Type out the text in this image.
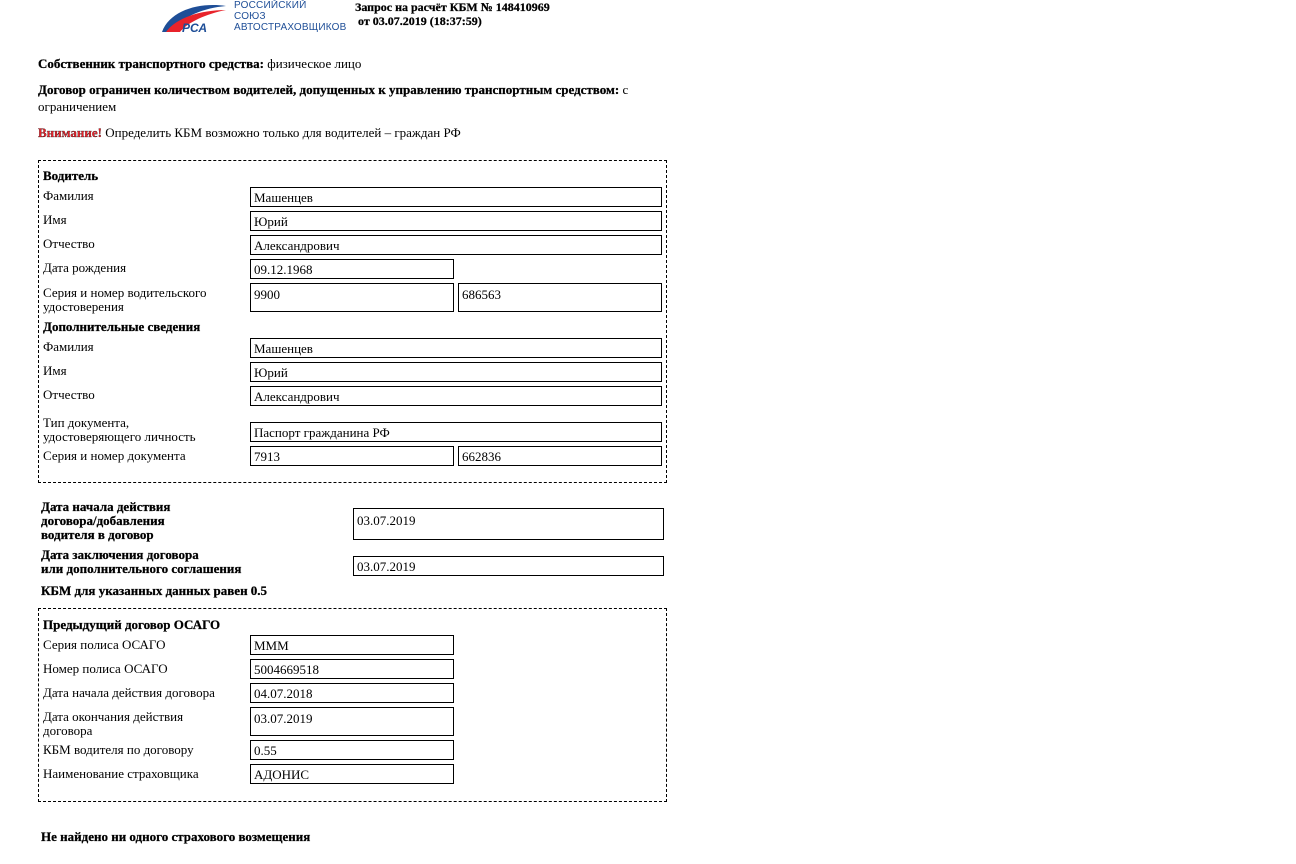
РСА
РОССИЙСКИЙ
СОЮЗ
АВТОСТРАХОВЩИКОВ
Запрос на расчёт КБМ № 148410969
от 03.07.2019 (18:37:59)
Собственник транспортного средства: физическое лицо
Договор ограничен количеством водителей, допущенных к управлению транспортным средством: с
ограничением
Внимание! Определить КБМ возможно только для водителей – граждан РФ
Водитель
Фамилия	Машенцев
Имя	Юрий
Отчество	Александрович
Дата рождения	09.12.1968
Серия и номер водительского
удостоверения
9900	686563
Дополнительные сведения
Фамилия	Машенцев
Имя	Юрий
Отчество	Александрович
Тип документа,
удостоверяющего личность	Паспорт гражданина РФ
Серия и номер документа	7913	662836
Дата начала действия
договора/добавления
водителя в договор
03.07.2019
Дата заключения договора
или дополнительного соглашения	03.07.2019
КБМ для указанных данных равен 0.5
Предыдущий договор ОСАГО
Серия полиса ОСАГО	МММ
Номер полиса ОСАГО	5004669518
Дата начала действия договора	04.07.2018
Дата окончания действия
договора
03.07.2019
КБМ водителя по договору	0.55
Наименование страховщика	АДОНИС
Не найдено ни одного страхового возмещения
